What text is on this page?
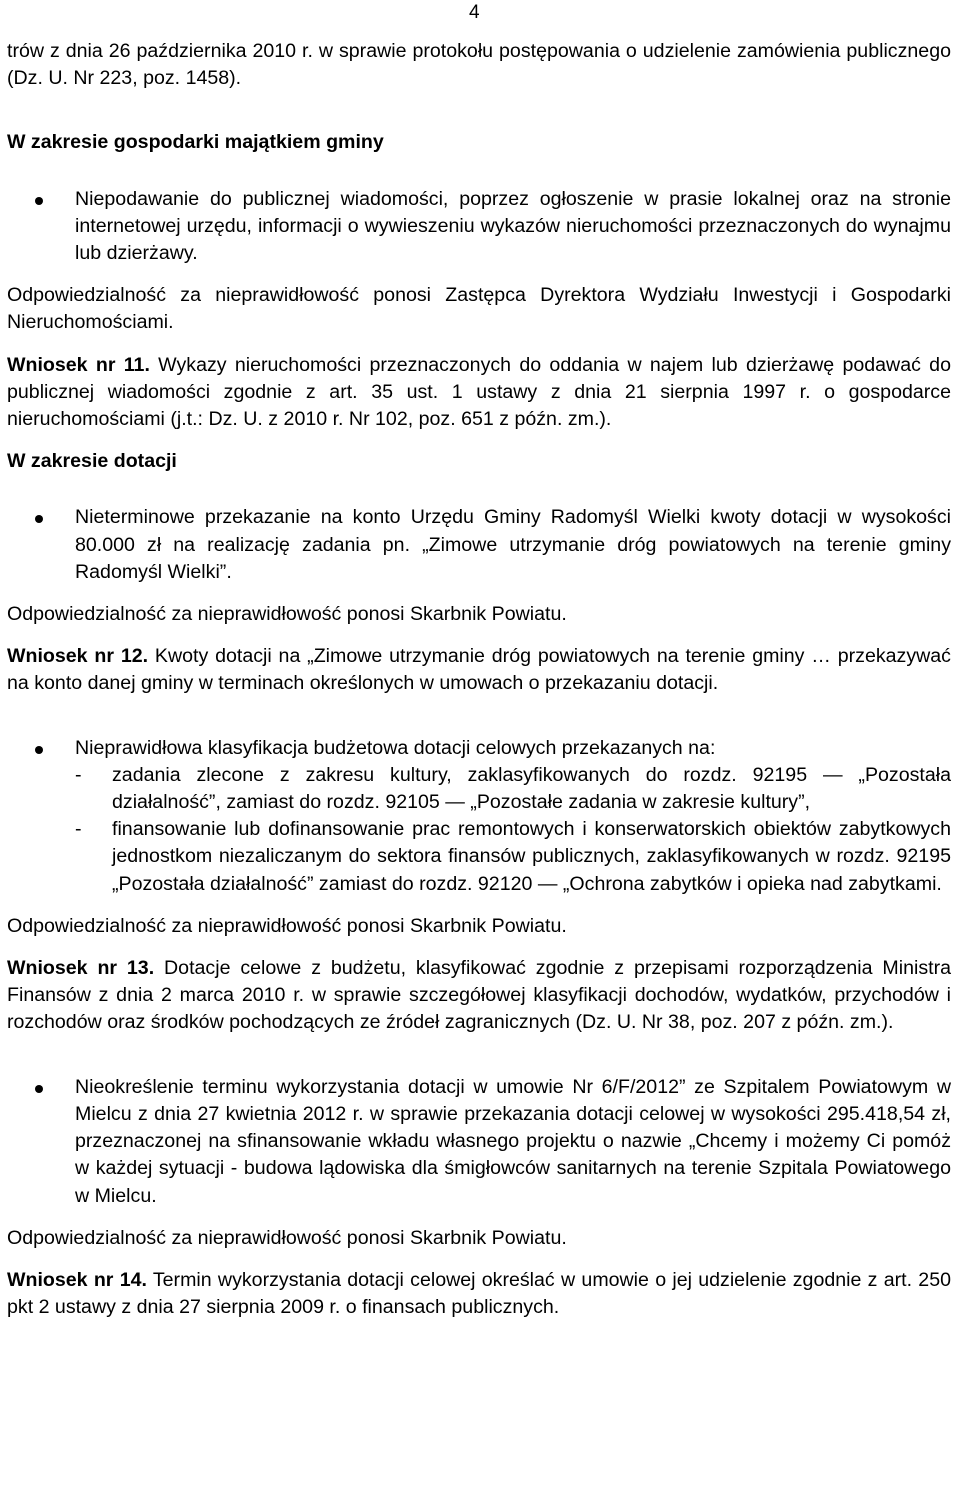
4

trów z dnia 26 października 2010 r. w sprawie protokołu postępowania o udzielenie zamówienia publicznego (Dz. U. Nr 223, poz. 1458).

W zakresie gospodarki majątkiem gminy

Niepodawanie do publicznej wiadomości, poprzez ogłoszenie w prasie lokalnej oraz na stronie internetowej urzędu, informacji o wywieszeniu wykazów nieruchomości przeznaczonych do wynajmu lub dzierżawy.

Odpowiedzialność za nieprawidłowość ponosi Zastępca Dyrektora Wydziału Inwestycji i Gospodarki Nieruchomościami.

Wniosek nr 11. Wykazy nieruchomości przeznaczonych do oddania w najem lub dzierżawę podawać do publicznej wiadomości zgodnie z art. 35 ust. 1 ustawy z dnia 21 sierpnia 1997 r. o gospodarce nieruchomościami (j.t.: Dz. U. z 2010 r. Nr 102, poz. 651 z późn. zm.).

W zakresie dotacji

Nieterminowe przekazanie na konto Urzędu Gminy Radomyśl Wielki kwoty dotacji w wysokości 80.000 zł na realizację zadania pn. „Zimowe utrzymanie dróg powiatowych na terenie gminy Radomyśl Wielki”.

Odpowiedzialność za nieprawidłowość ponosi Skarbnik Powiatu.

Wniosek nr 12. Kwoty dotacji na „Zimowe utrzymanie dróg powiatowych na terenie gminy … przekazywać na konto danej gminy w terminach określonych w umowach o przekazaniu dotacji.

Nieprawidłowa klasyfikacja budżetowa dotacji celowych przekazanych na:
- zadania zlecone z zakresu kultury, zaklasyfikowanych do rozdz. 92195 — „Pozostała działalność”, zamiast do rozdz. 92105 — „Pozostałe zadania w zakresie kultury”,
- finansowanie lub dofinansowanie prac remontowych i konserwatorskich obiektów zabytkowych jednostkom niezaliczanym do sektora finansów publicznych, zaklasyfikowanych w rozdz. 92195 „Pozostała działalność” zamiast do rozdz. 92120 — „Ochrona zabytków i opieka nad zabytkami.

Odpowiedzialność za nieprawidłowość ponosi Skarbnik Powiatu.

Wniosek nr 13. Dotacje celowe z budżetu, klasyfikować zgodnie z przepisami rozporządzenia Ministra Finansów z dnia 2 marca 2010 r. w sprawie szczegółowej klasyfikacji dochodów, wydatków, przychodów i rozchodów oraz środków pochodzących ze źródeł zagranicznych (Dz. U. Nr 38, poz. 207 z późn. zm.).

Nieokreślenie terminu wykorzystania dotacji w umowie Nr 6/F/2012” ze Szpitalem Powiatowym w Mielcu z dnia 27 kwietnia 2012 r. w sprawie przekazania dotacji celowej w wysokości 295.418,54 zł, przeznaczonej na sfinansowanie wkładu własnego projektu o nazwie „Chcemy i możemy Ci pomóż w każdej sytuacji - budowa lądowiska dla śmigłowców sanitarnych na terenie Szpitala Powiatowego w Mielcu.

Odpowiedzialność za nieprawidłowość ponosi Skarbnik Powiatu.

Wniosek nr 14. Termin wykorzystania dotacji celowej określać w umowie o jej udzielenie zgodnie z art. 250 pkt 2 ustawy z dnia 27 sierpnia 2009 r. o finansach publicznych.
